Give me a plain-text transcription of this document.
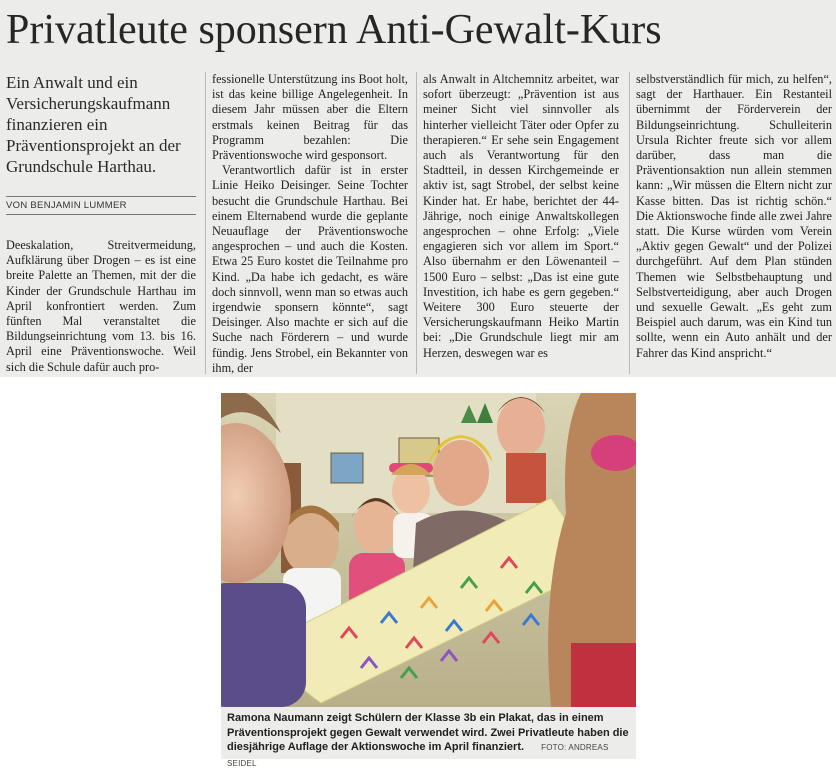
Privatleute sponsern Anti-Gewalt-Kurs
Ein Anwalt und ein Versicherungskaufmann finanzieren ein Präventionsprojekt an der Grundschule Harthau.
VON BENJAMIN LUMMER

Deeskalation, Streitvermeidung, Aufklärung über Drogen – es ist eine breite Palette an Themen, mit der die Kinder der Grundschule Harthau im April konfrontiert werden. Zum fünften Mal veranstaltet die Bildungseinrichtung vom 13. bis 16. April eine Präventionswoche. Weil sich die Schule dafür auch pro-

fessionelle Unterstützung ins Boot holt, ist das keine billige Angelegenheit. In diesem Jahr müssen aber die Eltern erstmals keinen Beitrag für das Programm bezahlen: Die Präventionswoche wird gesponsort.

Verantwortlich dafür ist in erster Linie Heiko Deisinger. Seine Tochter besucht die Grundschule Harthau. Bei einem Elternabend wurde die geplante Neuauflage der Präventionswoche angesprochen – und auch die Kosten. Etwa 25 Euro kostet die Teilnahme pro Kind. „Da habe ich gedacht, es wäre doch sinnvoll, wenn man so etwas auch irgendwie sponsern könnte“, sagt Deisinger. Also machte er sich auf die Suche nach Förderern – und wurde fündig. Jens Strobel, ein Bekannter von ihm, der

als Anwalt in Altchemnitz arbeitet, war sofort überzeugt: „Prävention ist aus meiner Sicht viel sinnvoller als hinterher vielleicht Täter oder Opfer zu therapieren.“ Er sehe sein Engagement auch als Verantwortung für den Stadtteil, in dessen Kirchgemeinde er aktiv ist, sagt Strobel, der selbst keine Kinder hat. Er habe, berichtet der 44-Jährige, noch einige Anwaltskollegen angesprochen – ohne Erfolg: „Viele engagieren sich vor allem im Sport.“ Also übernahm er den Löwenanteil – 1500 Euro – selbst: „Das ist eine gute Investition, ich habe es gern gegeben.“ Weitere 300 Euro steuerte der Versicherungskaufmann Heiko Martin bei: „Die Grundschule liegt mir am Herzen, deswegen war es

selbstverständlich für mich, zu helfen“, sagt der Harthauer. Ein Restanteil übernimmt der Förderverein der Bildungseinrichtung. Schulleiterin Ursula Richter freute sich vor allem darüber, dass man die Präventionsaktion nun allein stemmen kann: „Wir müssen die Eltern nicht zur Kasse bitten. Das ist richtig schön.“ Die Aktionswoche finde alle zwei Jahre statt. Die Kurse würden vom Verein „Aktiv gegen Gewalt“ und der Polizei durchgeführt. Auf dem Plan stünden Themen wie Selbstbehauptung und Selbstverteidigung, aber auch Drogen und sexuelle Gewalt. „Es geht zum Beispiel auch darum, was ein Kind tun sollte, wenn ein Auto anhält und der Fahrer das Kind anspricht.“

Ramona Naumann zeigt Schülern der Klasse 3b ein Plakat, das in einem Präventionsprojekt gegen Gewalt verwendet wird. Zwei Privatleute haben die diesjährige Auflage der Aktionswoche im April finanziert. FOTO: ANDREAS SEIDEL
